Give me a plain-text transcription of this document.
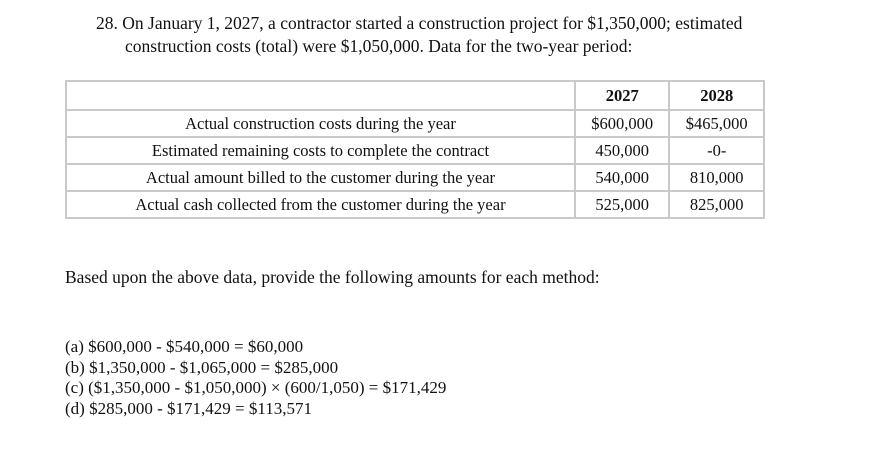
28. On January 1, 2027, a contractor started a construction project for $1,350,000; estimated
construction costs (total) were $1,050,000. Data for the two-year period:
	2027	2028
Actual construction costs during the year	$600,000	$465,000
Estimated remaining costs to complete the contract	450,000	-0-
Actual amount billed to the customer during the year	540,000	810,000
Actual cash collected from the customer during the year	525,000	825,000
Based upon the above data, provide the following amounts for each method:
(a) $600,000 - $540,000 = $60,000
(b) $1,350,000 - $1,065,000 = $285,000
(c) ($1,350,000 - $1,050,000) × (600/1,050) = $171,429
(d) $285,000 - $171,429 = $113,571
